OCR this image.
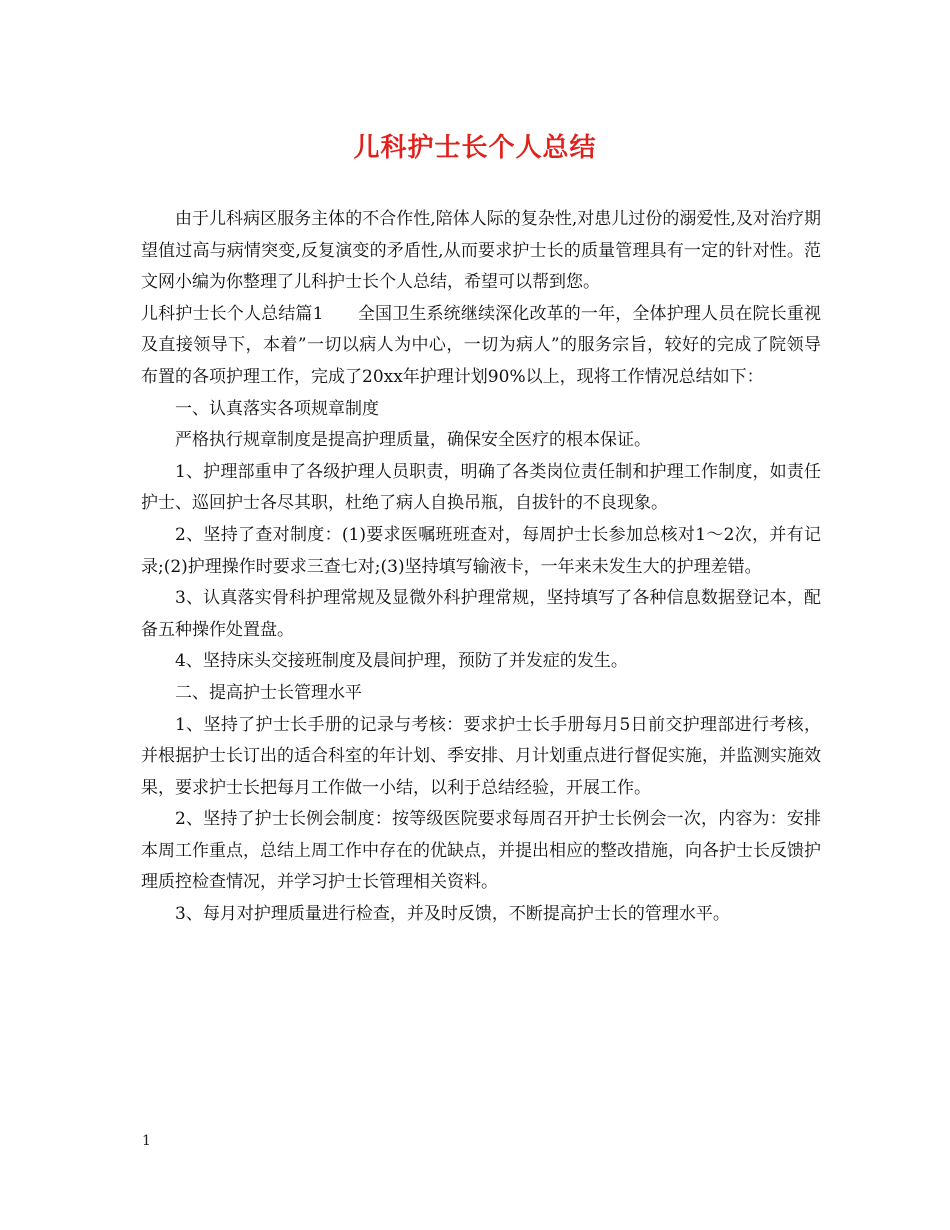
儿科护士长个人总结

由于儿科病区服务主体的不合作性,陪体人际的复杂性,对患儿过份的溺爱性,及对治疗期望值过高与病情突变,反复演变的矛盾性,从而要求护士长的质量管理具有一定的针对性。范文网小编为你整理了儿科护士长个人总结，希望可以帮到您。

儿科护士长个人总结篇1　　全国卫生系统继续深化改革的一年，全体护理人员在院长重视及直接领导下，本着”一切以病人为中心，一切为病人”的服务宗旨，较好的完成了院领导布置的各项护理工作，完成了20xx年护理计划90%以上，现将工作情况总结如下：

一、认真落实各项规章制度

严格执行规章制度是提高护理质量，确保安全医疗的根本保证。

1、护理部重申了各级护理人员职责，明确了各类岗位责任制和护理工作制度，如责任护士、巡回护士各尽其职，杜绝了病人自换吊瓶，自拔针的不良现象。

2、坚持了查对制度：(1)要求医嘱班班查对，每周护士长参加总核对1～2次，并有记录;(2)护理操作时要求三查七对;(3)坚持填写输液卡，一年来未发生大的护理差错。

3、认真落实骨科护理常规及显微外科护理常规，坚持填写了各种信息数据登记本，配备五种操作处置盘。

4、坚持床头交接班制度及晨间护理，预防了并发症的发生。

二、提高护士长管理水平

1、坚持了护士长手册的记录与考核：要求护士长手册每月5日前交护理部进行考核，并根据护士长订出的适合科室的年计划、季安排、月计划重点进行督促实施，并监测实施效果，要求护士长把每月工作做一小结，以利于总结经验，开展工作。

2、坚持了护士长例会制度：按等级医院要求每周召开护士长例会一次，内容为：安排本周工作重点，总结上周工作中存在的优缺点，并提出相应的整改措施，向各护士长反馈护理质控检查情况，并学习护士长管理相关资料。

3、每月对护理质量进行检查，并及时反馈，不断提高护士长的管理水平。

1
